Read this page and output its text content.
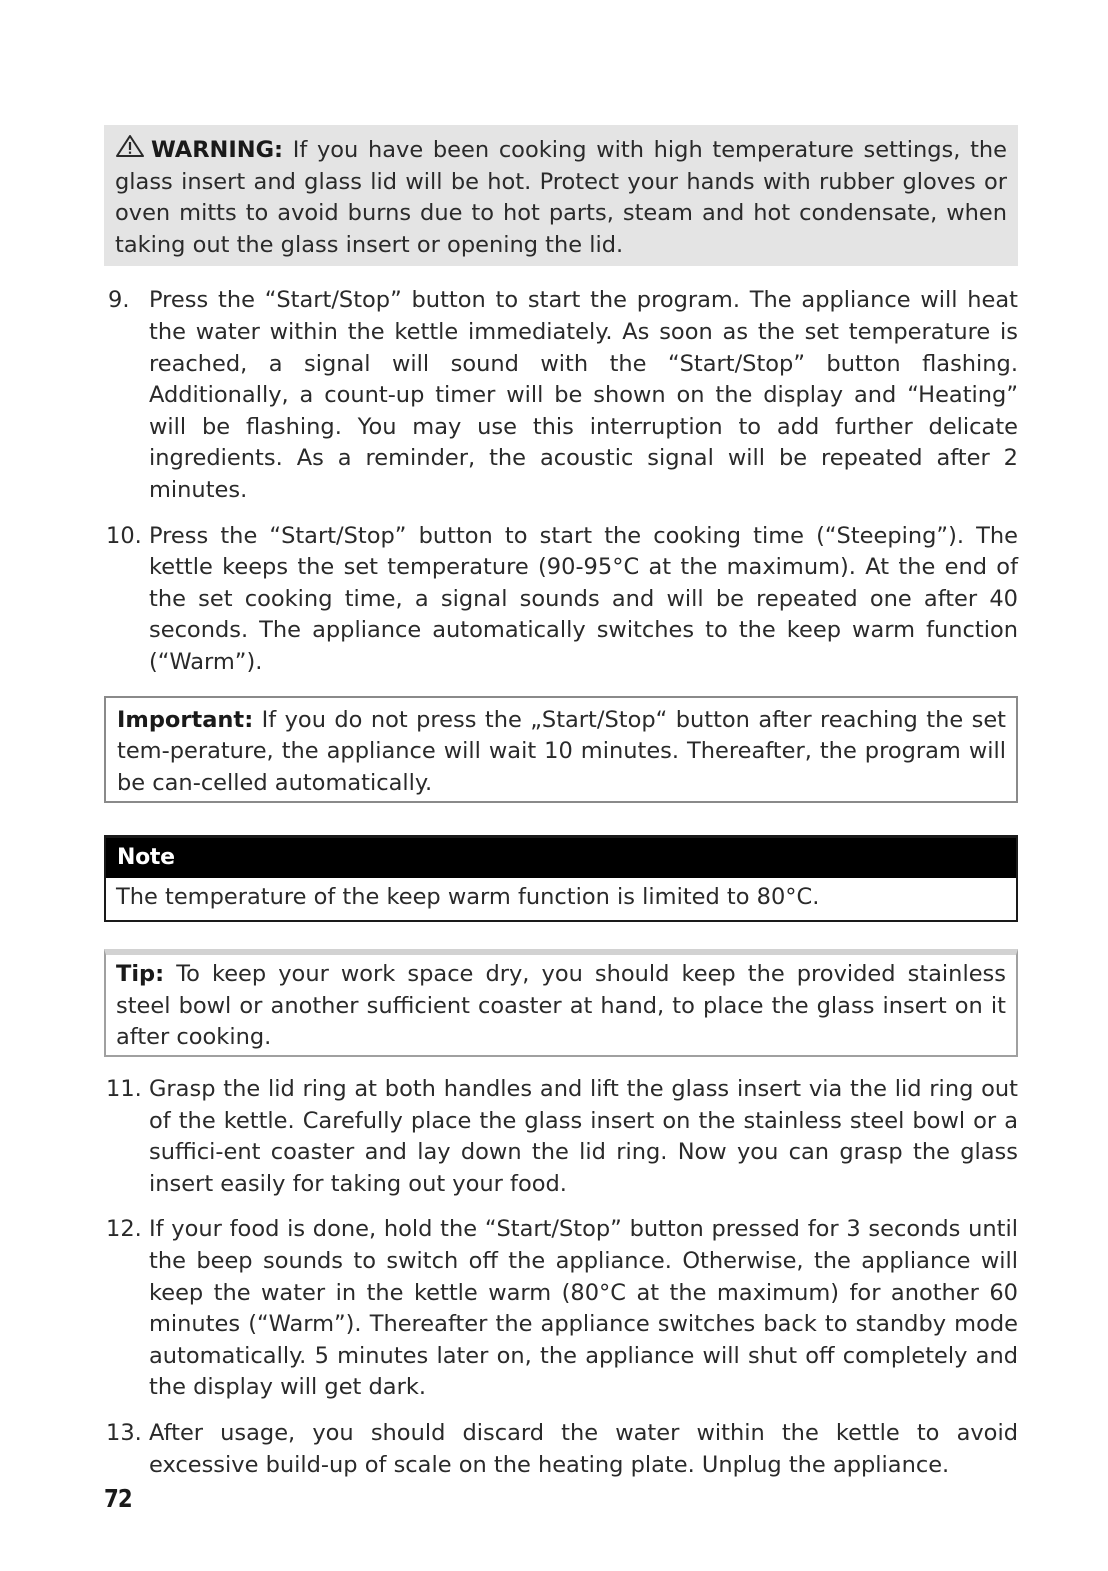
WARNING: If you have been cooking with high temperature settings, the glass insert and glass lid will be hot. Protect your hands with rubber gloves or oven mitts to avoid burns due to hot parts, steam and hot condensate, when taking out the glass insert or opening the lid.
9. Press the “Start/Stop” button to start the program. The appliance will heat the water within the kettle immediately. As soon as the set temperature is reached, a signal will sound with the “Start/Stop” button flashing. Additionally, a count-up timer will be shown on the display and “Heating” will be flashing. You may use this interruption to add further delicate ingredients. As a reminder, the acoustic signal will be repeated after 2 minutes.
10. Press the “Start/Stop” button to start the cooking time (“Steeping”). The kettle keeps the set temperature (90-95°C at the maximum). At the end of the set cooking time, a signal sounds and will be repeated one after 40 seconds. The appliance automatically switches to the keep warm function (“Warm”).
Important: If you do not press the „Start/Stop“ button after reaching the set tem-perature, the appliance will wait 10 minutes. Thereafter, the program will be can-celled automatically.
Note
The temperature of the keep warm function is limited to 80°C.
Tip: To keep your work space dry, you should keep the provided stainless steel bowl or another sufficient coaster at hand, to place the glass insert on it after cooking.
11. Grasp the lid ring at both handles and lift the glass insert via the lid ring out of the kettle. Carefully place the glass insert on the stainless steel bowl or a suffici-ent coaster and lay down the lid ring. Now you can grasp the glass insert easily for taking out your food.
12. If your food is done, hold the “Start/Stop” button pressed for 3 seconds until the beep sounds to switch off the appliance. Otherwise, the appliance will keep the water in the kettle warm (80°C at the maximum) for another 60 minutes (“Warm”). Thereafter the appliance switches back to standby mode automatically. 5 minutes later on, the appliance will shut off completely and the display will get dark.
13. After usage, you should discard the water within the kettle to avoid excessive build-up of scale on the heating plate. Unplug the appliance.
72
